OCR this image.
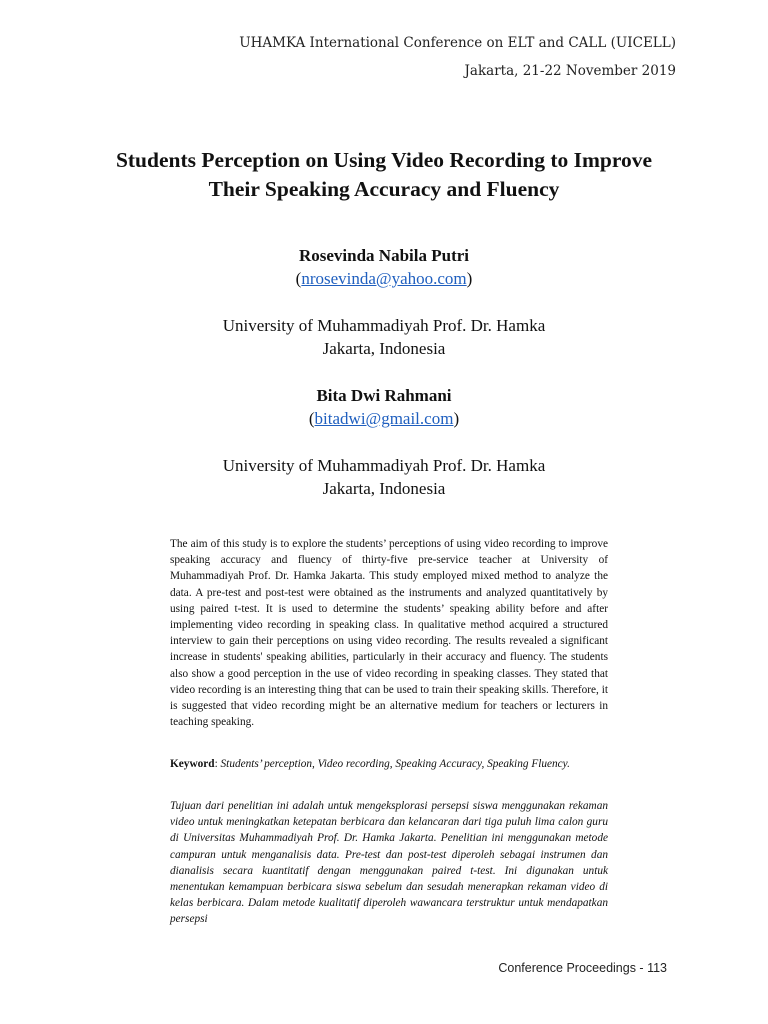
UHAMKA International Conference on ELT and CALL (UICELL)
Jakarta, 21-22 November 2019
Students Perception on Using Video Recording to Improve
Their Speaking Accuracy and Fluency
Rosevinda Nabila Putri
(nrosevinda@yahoo.com)
University of Muhammadiyah Prof. Dr. Hamka
Jakarta, Indonesia
Bita Dwi Rahmani
(bitadwi@gmail.com)
University of Muhammadiyah Prof. Dr. Hamka
Jakarta, Indonesia

The aim of this study is to explore the students’ perceptions of using video recording to improve speaking accuracy and fluency of thirty-five pre-service teacher at University of Muhammadiyah Prof. Dr. Hamka Jakarta. This study employed mixed method to analyze the data. A pre-test and post-test were obtained as the instruments and analyzed quantitatively by using paired t-test. It is used to determine the students’ speaking ability before and after implementing video recording in speaking class. In qualitative method acquired a structured interview to gain their perceptions on using video recording. The results revealed a significant increase in students' speaking abilities, particularly in their accuracy and fluency. The students also show a good perception in the use of video recording in speaking classes. They stated that video recording is an interesting thing that can be used to train their speaking skills. Therefore, it is suggested that video recording might be an alternative medium for teachers or lecturers in teaching speaking.

Keyword: Students’ perception, Video recording, Speaking Accuracy, Speaking Fluency.

Tujuan dari penelitian ini adalah untuk mengeksplorasi persepsi siswa menggunakan rekaman video untuk meningkatkan ketepatan berbicara dan kelancaran dari tiga puluh lima calon guru di Universitas Muhammadiyah Prof. Dr. Hamka Jakarta. Penelitian ini menggunakan metode campuran untuk menganalisis data. Pre-test dan post-test diperoleh sebagai instrumen dan dianalisis secara kuantitatif dengan menggunakan paired t-test. Ini digunakan untuk menentukan kemampuan berbicara siswa sebelum dan sesudah menerapkan rekaman video di kelas berbicara. Dalam metode kualitatif diperoleh wawancara terstruktur untuk mendapatkan persepsi

Conference Proceedings - 113
